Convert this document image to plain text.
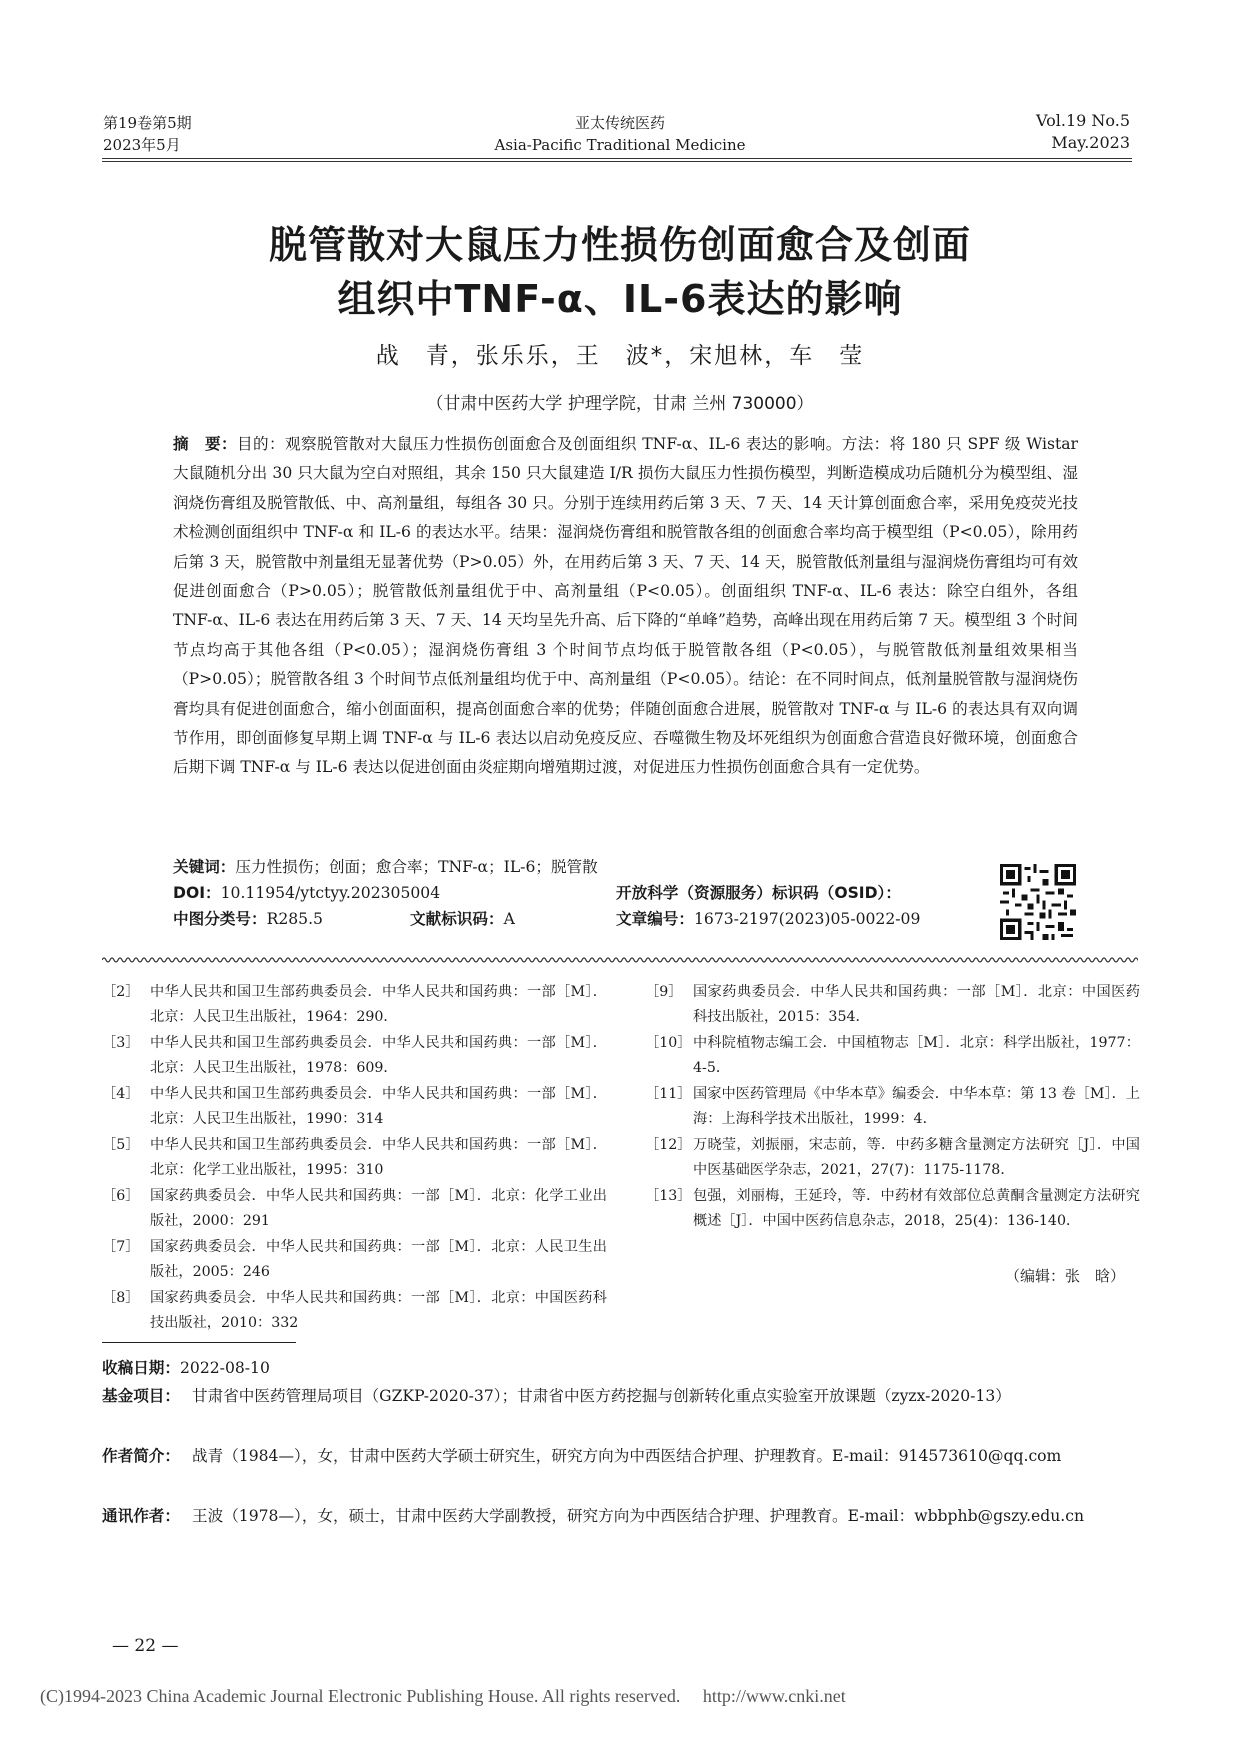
第19卷第5期
2023年5月
亚太传统医药
Asia-Pacific Traditional Medicine
Vol.19 No.5
May.2023
脱管散对大鼠压力性损伤创面愈合及创面
组织中TNF-α、IL-6表达的影响
战　青，张乐乐，王　波*，宋旭林，车　莹
（甘肃中医药大学 护理学院，甘肃 兰州 730000）
摘　要：目的：观察脱管散对大鼠压力性损伤创面愈合及创面组织 TNF-α、IL-6 表达的影响。方法：将 180 只 SPF 级 Wistar 大鼠随机分出 30 只大鼠为空白对照组，其余 150 只大鼠建造 I/R 损伤大鼠压力性损伤模型，判断造模成功后随机分为模型组、湿润烧伤膏组及脱管散低、中、高剂量组，每组各 30 只。分别于连续用药后第 3 天、7 天、14 天计算创面愈合率，采用免疫荧光技术检测创面组织中 TNF-α 和 IL-6 的表达水平。结果：湿润烧伤膏组和脱管散各组的创面愈合率均高于模型组（P<0.05），除用药后第 3 天，脱管散中剂量组无显著优势（P>0.05）外，在用药后第 3 天、7 天、14 天，脱管散低剂量组与湿润烧伤膏组均可有效促进创面愈合（P>0.05）；脱管散低剂量组优于中、高剂量组（P<0.05）。创面组织 TNF-α、IL-6 表达：除空白组外，各组 TNF-α、IL-6 表达在用药后第 3 天、7 天、14 天均呈先升高、后下降的“单峰”趋势，高峰出现在用药后第 7 天。模型组 3 个时间节点均高于其他各组（P<0.05）；湿润烧伤膏组 3 个时间节点均低于脱管散各组（P<0.05），与脱管散低剂量组效果相当（P>0.05）；脱管散各组 3 个时间节点低剂量组均优于中、高剂量组（P<0.05）。结论：在不同时间点，低剂量脱管散与湿润烧伤膏均具有促进创面愈合，缩小创面面积，提高创面愈合率的优势；伴随创面愈合进展，脱管散对 TNF-α 与 IL-6 的表达具有双向调节作用，即创面修复早期上调 TNF-α 与 IL-6 表达以启动免疫反应、吞噬微生物及坏死组织为创面愈合营造良好微环境，创面愈合后期下调 TNF-α 与 IL-6 表达以促进创面由炎症期向增殖期过渡，对促进压力性损伤创面愈合具有一定优势。
关键词：压力性损伤；创面；愈合率；TNF-α；IL-6；脱管散
DOI：10.11954/ytctyy.202305004	开放科学（资源服务）标识码（OSID）：
中图分类号：R285.5	文献标识码：A	文章编号：1673-2197(2023)05-0022-09
［2］ 中华人民共和国卫生部药典委员会．中华人民共和国药典：一部［M］．北京：人民卫生出版社，1964：290．
［3］ 中华人民共和国卫生部药典委员会．中华人民共和国药典：一部［M］．北京：人民卫生出版社，1978：609．
［4］ 中华人民共和国卫生部药典委员会．中华人民共和国药典：一部［M］．北京：人民卫生出版社，1990：314
［5］ 中华人民共和国卫生部药典委员会．中华人民共和国药典：一部［M］．北京：化学工业出版社，1995：310
［6］ 国家药典委员会．中华人民共和国药典：一部［M］．北京：化学工业出版社，2000：291
［7］ 国家药典委员会．中华人民共和国药典：一部［M］．北京：人民卫生出版社，2005：246
［8］ 国家药典委员会．中华人民共和国药典：一部［M］．北京：中国医药科技出版社，2010：332
［9］ 国家药典委员会．中华人民共和国药典：一部［M］．北京：中国医药科技出版社，2015：354．
［10］ 中科院植物志编工会．中国植物志［M］．北京：科学出版社，1977：4-5．
［11］ 国家中医药管理局《中华本草》编委会．中华本草：第 13 卷［M］．上海：上海科学技术出版社，1999：4．
［12］ 万晓莹，刘振丽，宋志前，等．中药多糖含量测定方法研究［J］．中国中医基础医学杂志，2021，27(7)：1175-1178．
［13］ 包强，刘丽梅，王延玲，等．中药材有效部位总黄酮含量测定方法研究概述［J］．中国中医药信息杂志，2018，25(4)：136-140．
（编辑：张　晗）
收稿日期：2022-08-10
基金项目： 甘肃省中医药管理局项目（GZKP-2020-37）；甘肃省中医方药挖掘与创新转化重点实验室开放课题（zyzx-2020-13）
作者简介： 战青（1984—），女，甘肃中医药大学硕士研究生，研究方向为中西医结合护理、护理教育。E-mail：914573610@qq.com
通讯作者： 王波（1978—），女，硕士，甘肃中医药大学副教授，研究方向为中西医结合护理、护理教育。E-mail：wbbphb@gszy.edu.cn
— 22 —
(C)1994-2023 China Academic Journal Electronic Publishing House. All rights reserved.　 http://www.cnki.net
